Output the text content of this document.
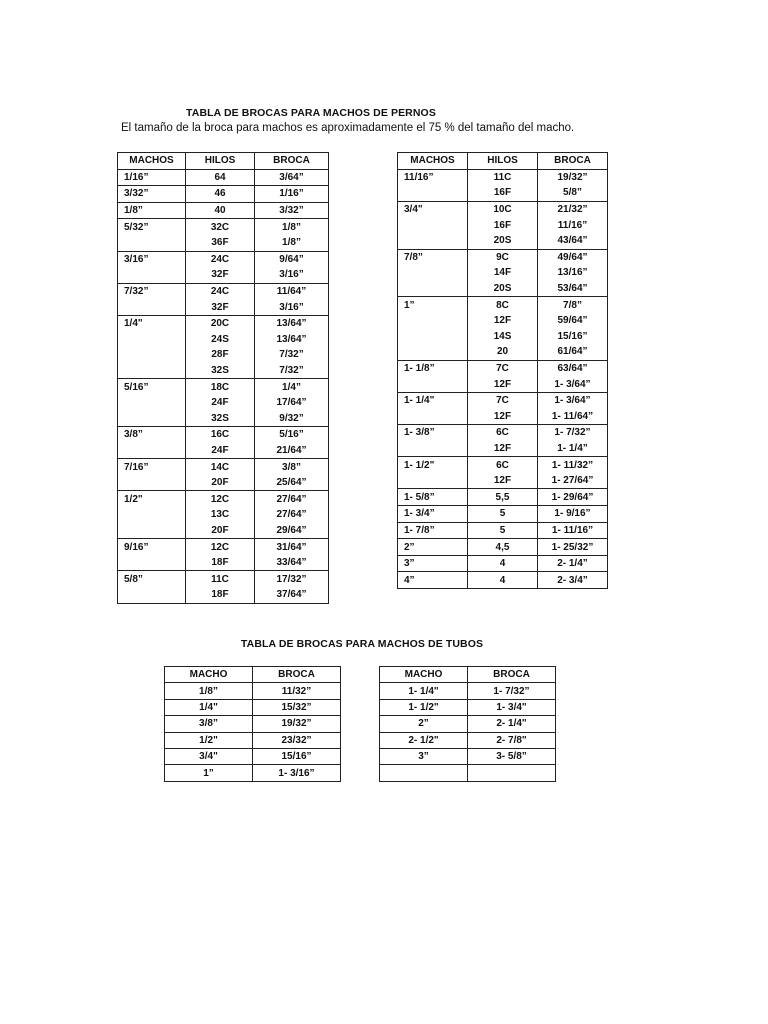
TABLA DE BROCAS PARA MACHOS DE PERNOS
El tamaño de la broca para machos es aproximadamente el 75 % del tamaño del macho.
MACHOS	HILOS	BROCA
1/16”	64	3/64”
3/32”	46	1/16”
1/8”	40	3/32”
5/32”	32C	1/8”
	36F	1/8”
3/16”	24C	9/64”
	32F	3/16”
7/32”	24C	11/64”
	32F	3/16”
1/4"	20C	13/64”
	24S	13/64”
	28F	7/32”
	32S	7/32”
5/16”	18C	1/4”
	24F	17/64”
	32S	9/32”
3/8”	16C	5/16”
	24F	21/64”
7/16”	14C	3/8”
	20F	25/64”
1/2"	12C	27/64”
	13C	27/64”
	20F	29/64”
9/16”	12C	31/64”
	18F	33/64”
5/8”	11C	17/32”
	18F	37/64”
MACHOS	HILOS	BROCA
11/16”	11C	19/32”
	16F	5/8”
3/4"	10C	21/32”
	16F	11/16”
	20S	43/64”
7/8”	9C	49/64”
	14F	13/16”
	20S	53/64”
1”	8C	7/8”
	12F	59/64”
	14S	15/16”
	20	61/64”
1- 1/8”	7C	63/64”
	12F	1- 3/64”
1- 1/4"	7C	1- 3/64”
	12F	1- 11/64”
1- 3/8”	6C	1- 7/32”
	12F	1- 1/4”
1- 1/2"	6C	1- 11/32”
	12F	1- 27/64”
1- 5/8”	5,5	1- 29/64”
1- 3/4”	5	1- 9/16”
1- 7/8”	5	1- 11/16”
2”	4,5	1- 25/32”
3”	4	2- 1/4”
4”	4	2- 3/4”
TABLA DE BROCAS PARA MACHOS DE TUBOS
MACHO	BROCA
1/8”	11/32”
1/4"	15/32”
3/8”	19/32”
1/2"	23/32”
3/4"	15/16”
1”	1- 3/16”
MACHO	BROCA
1- 1/4"	1- 7/32”
1- 1/2"	1- 3/4"
2”	2- 1/4"
2- 1/2"	2- 7/8"
3”	3- 5/8”
